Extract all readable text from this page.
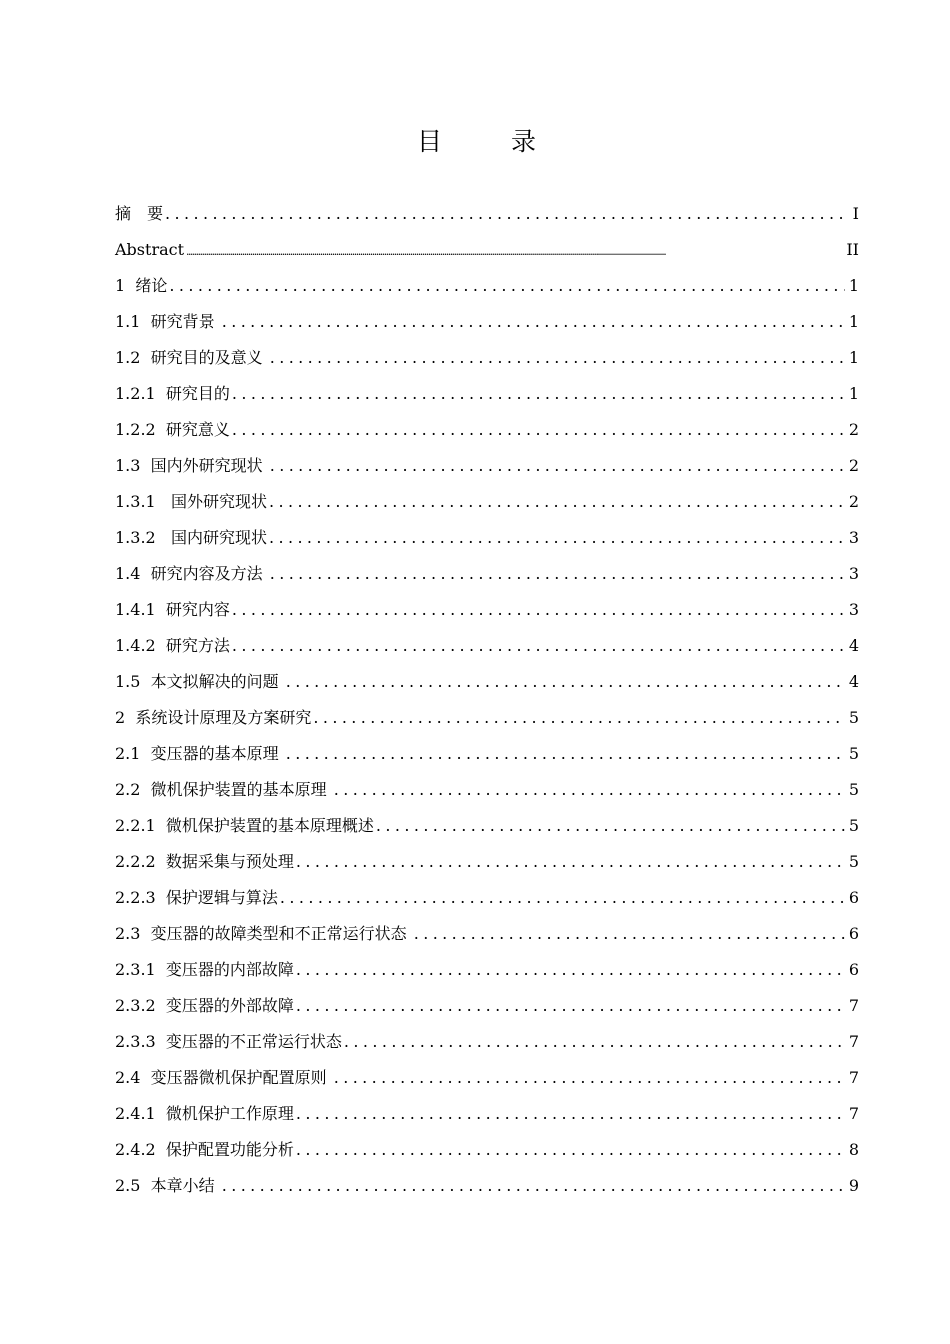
目　录
摘　要 .....	I
Abstract .....	II
1  绪论 .....	1
1.1  研究背景 .....	1
1.2  研究目的及意义 .....	1
1.2.1  研究目的 .....	1
1.2.2  研究意义 .....	2
1.3  国内外研究现状 .....	2
1.3.1   国外研究现状 .....	2
1.3.2   国内研究现状 .....	3
1.4  研究内容及方法 .....	3
1.4.1  研究内容 .....	3
1.4.2  研究方法 .....	4
1.5  本文拟解决的问题 .....	4
2  系统设计原理及方案研究 .....	5
2.1  变压器的基本原理 .....	5
2.2  微机保护装置的基本原理 .....	5
2.2.1  微机保护装置的基本原理概述 .....	5
2.2.2  数据采集与预处理 .....	5
2.2.3  保护逻辑与算法 .....	6
2.3  变压器的故障类型和不正常运行状态 .....	6
2.3.1  变压器的内部故障 .....	6
2.3.2  变压器的外部故障 .....	7
2.3.3  变压器的不正常运行状态 .....	7
2.4  变压器微机保护配置原则 .....	7
2.4.1  微机保护工作原理 .....	7
2.4.2  保护配置功能分析 .....	8
2.5  本章小结 .....	9
